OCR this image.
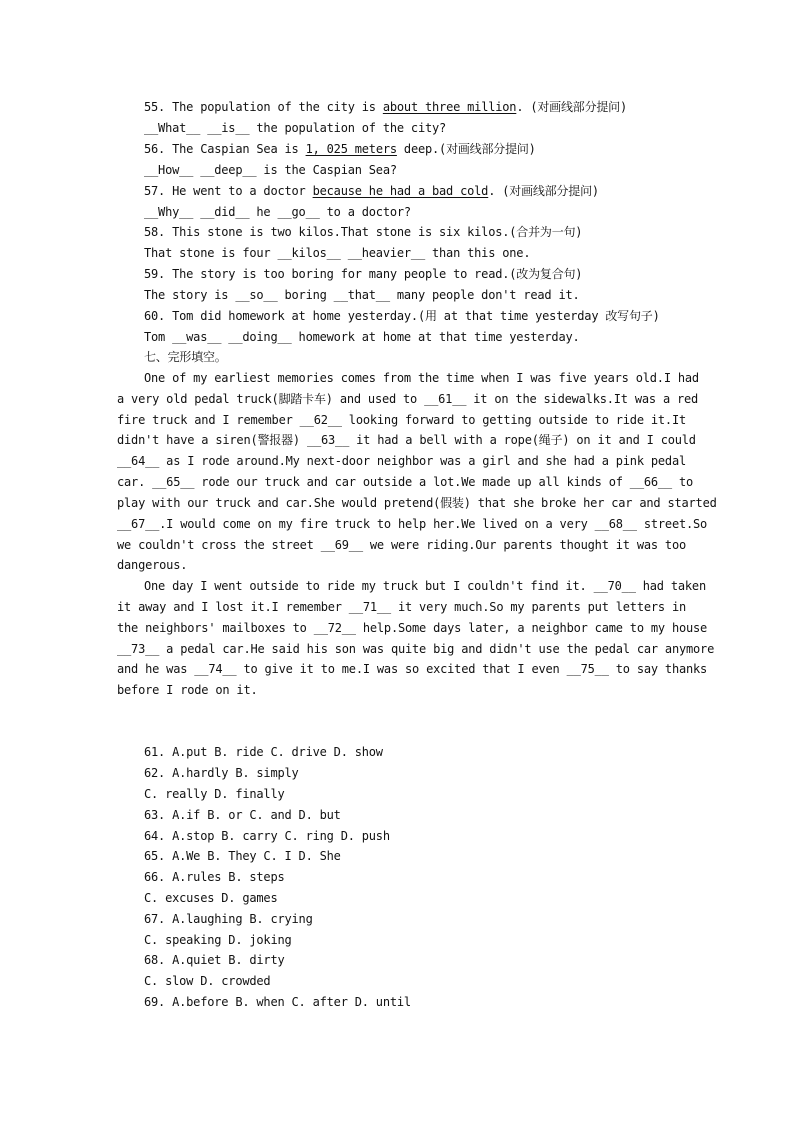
55. The population of the city is about three million. (对画线部分提问)
__What__ __is__ the population of the city?
56. The Caspian Sea is 1, 025 meters deep.(对画线部分提问)
__How__ __deep__ is the Caspian Sea?
57. He went to a doctor because he had a bad cold. (对画线部分提问)
__Why__ __did__ he __go__ to a doctor?
58. This stone is two kilos.That stone is six kilos.(合并为一句)
That stone is four __kilos__ __heavier__ than this one.
59. The story is too boring for many people to read.(改为复合句)
The story is __so__ boring __that__ many people don't read it.
60. Tom did homework at home yesterday.(用 at that time yesterday 改写句子)
Tom __was__ __doing__ homework at home at that time yesterday.
七、完形填空。
One of my earliest memories comes from the time when I was five years old.I had
a very old pedal truck(脚踏卡车) and used to __61__ it on the sidewalks.It was a red
fire truck and I remember __62__ looking forward to getting outside to ride it.It
didn't have a siren(警报器) __63__ it had a bell with a rope(绳子) on it and I could
__64__ as I rode around.My next-door neighbor was a girl and she had a pink pedal
car. __65__ rode our truck and car outside a lot.We made up all kinds of __66__ to
play with our truck and car.She would pretend(假装) that she broke her car and started
__67__.I would come on my fire truck to help her.We lived on a very __68__ street.So
we couldn't cross the street __69__ we were riding.Our parents thought it was too
dangerous.
One day I went outside to ride my truck but I couldn't find it. __70__ had taken
it away and I lost it.I remember __71__ it very much.So my parents put letters in
the neighbors' mailboxes to __72__ help.Some days later, a neighbor came to my house
__73__ a pedal car.He said his son was quite big and didn't use the pedal car anymore
and he was __74__ to give it to me.I was so excited that I even __75__ to say thanks
before I rode on it.
61. A.put B. ride C. drive D. show
62. A.hardly B. simply
C. really D. finally
63. A.if B. or C. and D. but
64. A.stop B. carry C. ring D. push
65. A.We B. They C. I D. She
66. A.rules B. steps
C. excuses D. games
67. A.laughing B. crying
C. speaking D. joking
68. A.quiet B. dirty
C. slow D. crowded
69. A.before B. when C. after D. until
